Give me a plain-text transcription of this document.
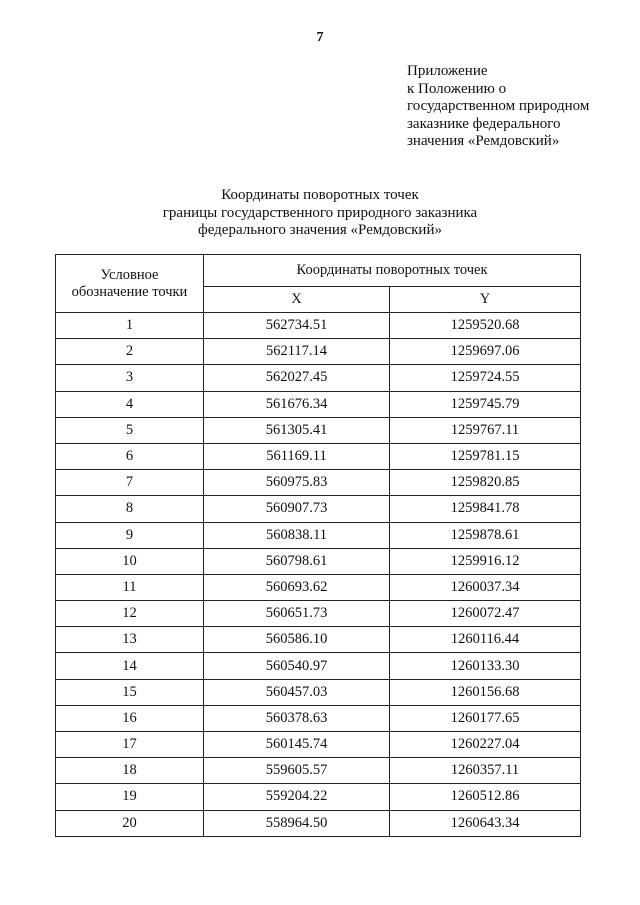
7
Приложение
к Положению о
государственном природном
заказнике федерального
значения «Ремдовский»
Координаты поворотных точек
границы государственного природного заказника
федерального значения «Ремдовский»
Условное
обозначение точки	Координаты поворотных точек	
	X	Y
1	562734.51	1259520.68
2	562117.14	1259697.06
3	562027.45	1259724.55
4	561676.34	1259745.79
5	561305.41	1259767.11
6	561169.11	1259781.15
7	560975.83	1259820.85
8	560907.73	1259841.78
9	560838.11	1259878.61
10	560798.61	1259916.12
11	560693.62	1260037.34
12	560651.73	1260072.47
13	560586.10	1260116.44
14	560540.97	1260133.30
15	560457.03	1260156.68
16	560378.63	1260177.65
17	560145.74	1260227.04
18	559605.57	1260357.11
19	559204.22	1260512.86
20	558964.50	1260643.34
